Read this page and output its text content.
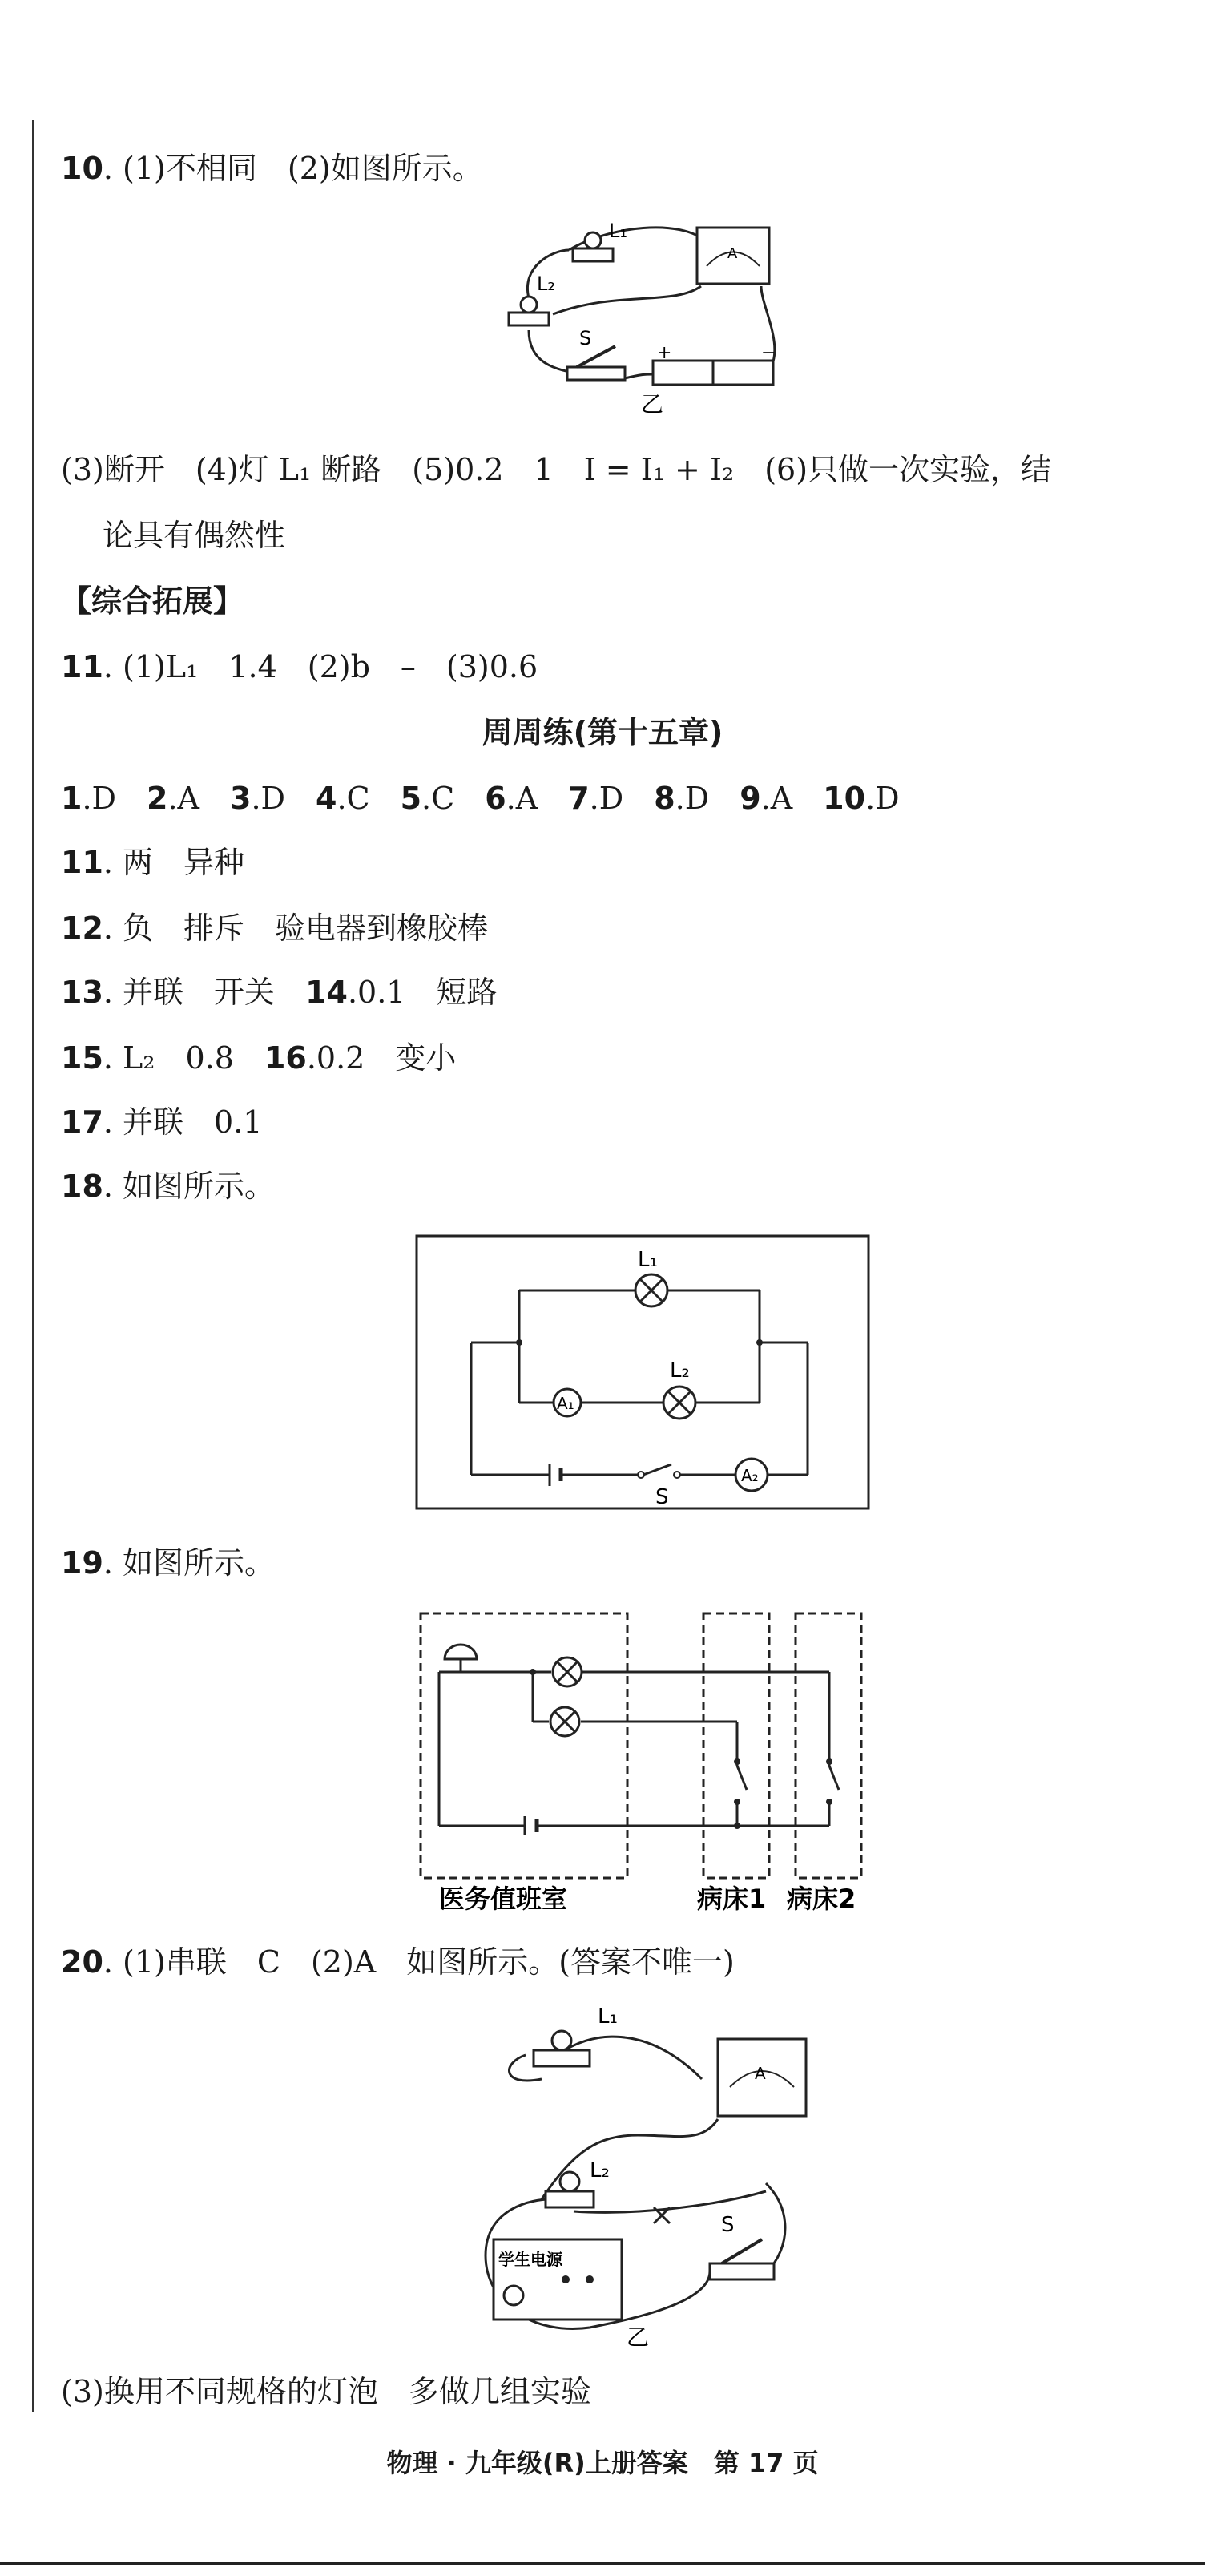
10. (1)不相同　(2)如图所示。
L₁
L₂
A
S
+	−
乙
(3)断开　(4)灯 L₁ 断路　(5)0.2　1　I = I₁ + I₂　(6)只做一次实验，结
论具有偶然性
【综合拓展】
11. (1)L₁　1.4　(2)b　–　(3)0.6
周周练(第十五章)
1.D 2.A 3.D 4.C 5.C 6.A 7.D 8.D 9.A 10.D
11. 两　异种
12. 负　排斥　验电器到橡胶棒
13. 并联　开关　14.0.1　短路
15. L₂　0.8　16.0.2　变小
17. 并联　0.1
18. 如图所示。
L₁
L₂
A₁
A₂
S
19. 如图所示。
医务值班室	病床1 病床2
20. (1)串联　C　(2)A　如图所示。(答案不唯一)
L₁
L₂
A
学生电源
S
乙
(3)换用不同规格的灯泡　多做几组实验
物理 · 九年级(R)上册答案　第 17 页
